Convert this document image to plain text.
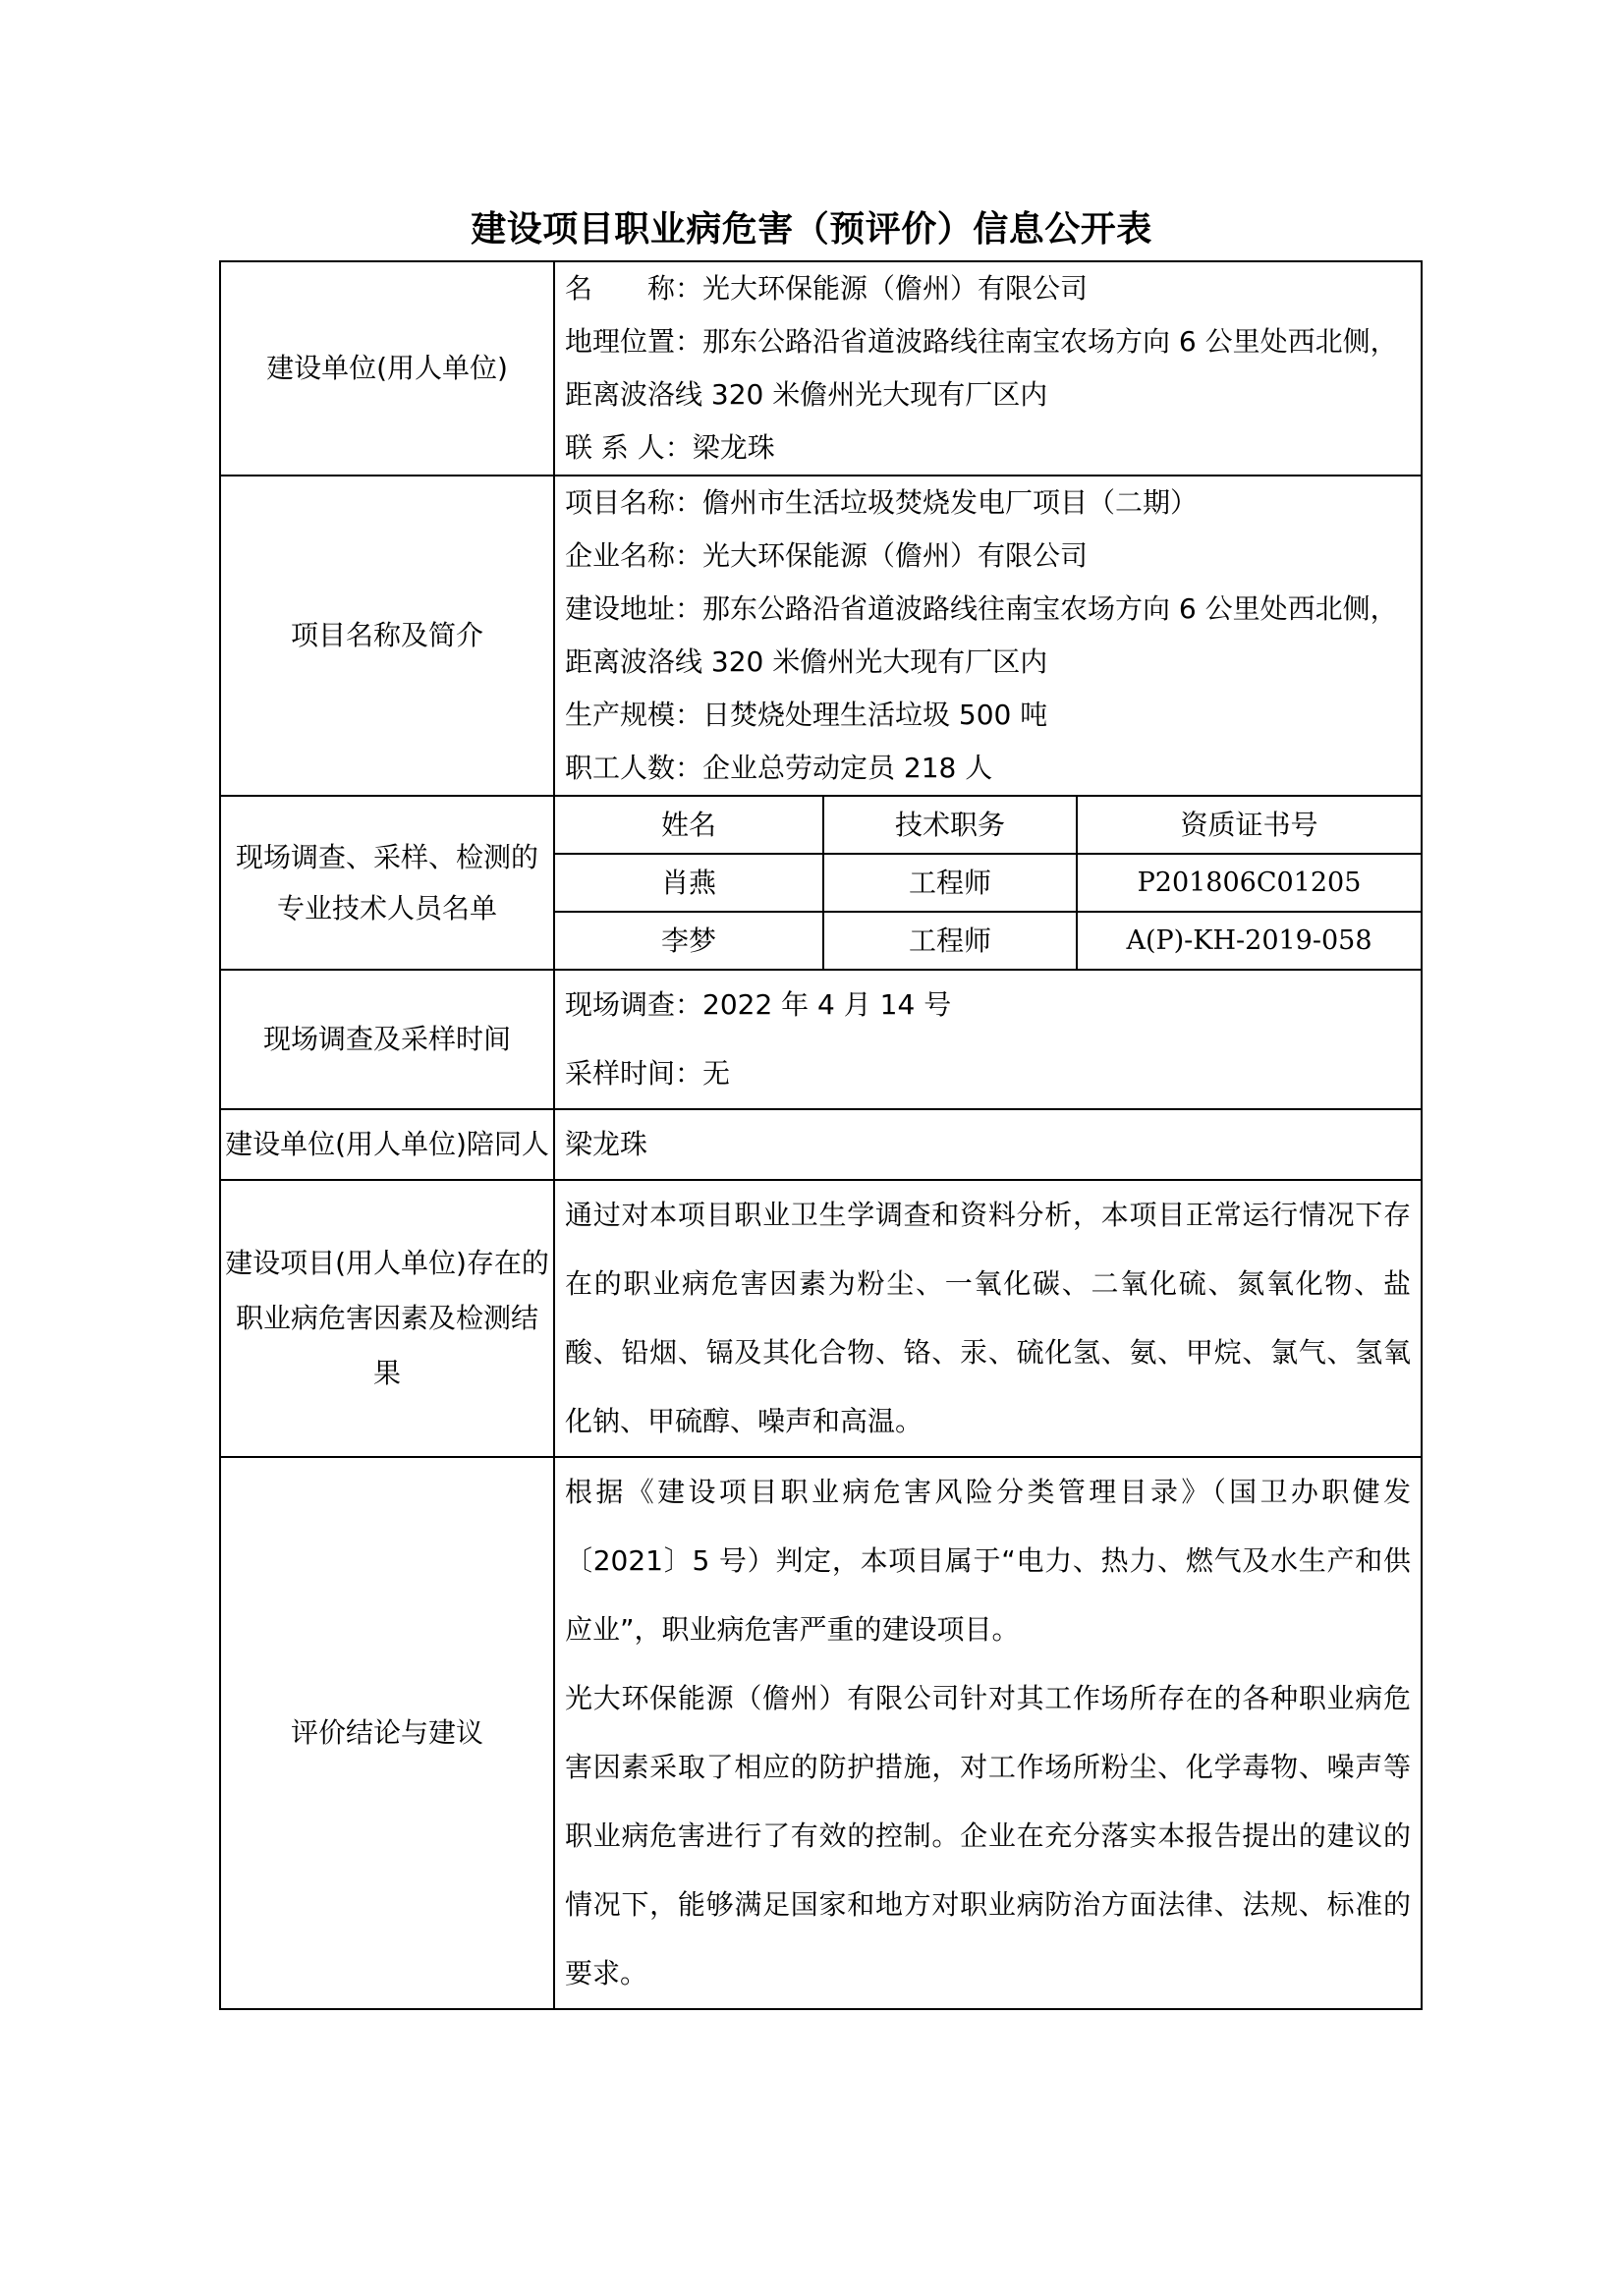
建设项目职业病危害（预评价）信息公开表
建设单位(用人单位)	
名　　称：光大环保能源（儋州）有限公司
地理位置：那东公路沿省道波路线往南宝农场方向 6 公里处西北侧，
距离波洛线 320 米儋州光大现有厂区内
联 系 人：梁龙珠

项目名称及简介	
项目名称：儋州市生活垃圾焚烧发电厂项目（二期）
企业名称：光大环保能源（儋州）有限公司
建设地址：那东公路沿省道波路线往南宝农场方向 6 公里处西北侧，
距离波洛线 320 米儋州光大现有厂区内
生产规模：日焚烧处理生活垃圾 500 吨
职工人数：企业总劳动定员 218 人

现场调查、采样、检测的专业技术人员名单	
姓名	技术职务	资质证书号
肖燕	工程师	P201806C01205
李梦	工程师	A(P)-KH-2019-058

现场调查及采样时间	
现场调查：2022 年 4 月 14 号
采样时间：无

建设单位(用人单位)陪同人	梁龙珠
建设项目(用人单位)存在的职业病危害因素及检测结果	通过对本项目职业卫生学调查和资料分析，本项目正常运行情况下存在的职业病危害因素为粉尘、一氧化碳、二氧化硫、氮氧化物、盐酸、铅烟、镉及其化合物、铬、汞、硫化氢、氨、甲烷、氯气、氢氧化钠、甲硫醇、噪声和高温。
评价结论与建议	
根据《建设项目职业病危害风险分类管理目录》（国卫办职健发〔2021〕5 号）判定，本项目属于“电力、热力、燃气及水生产和供应业”，职业病危害严重的建设项目。
光大环保能源（儋州）有限公司针对其工作场所存在的各种职业病危害因素采取了相应的防护措施，对工作场所粉尘、化学毒物、噪声等职业病危害进行了有效的控制。企业在充分落实本报告提出的建议的情况下，能够满足国家和地方对职业病防治方面法律、法规、标准的要求。
